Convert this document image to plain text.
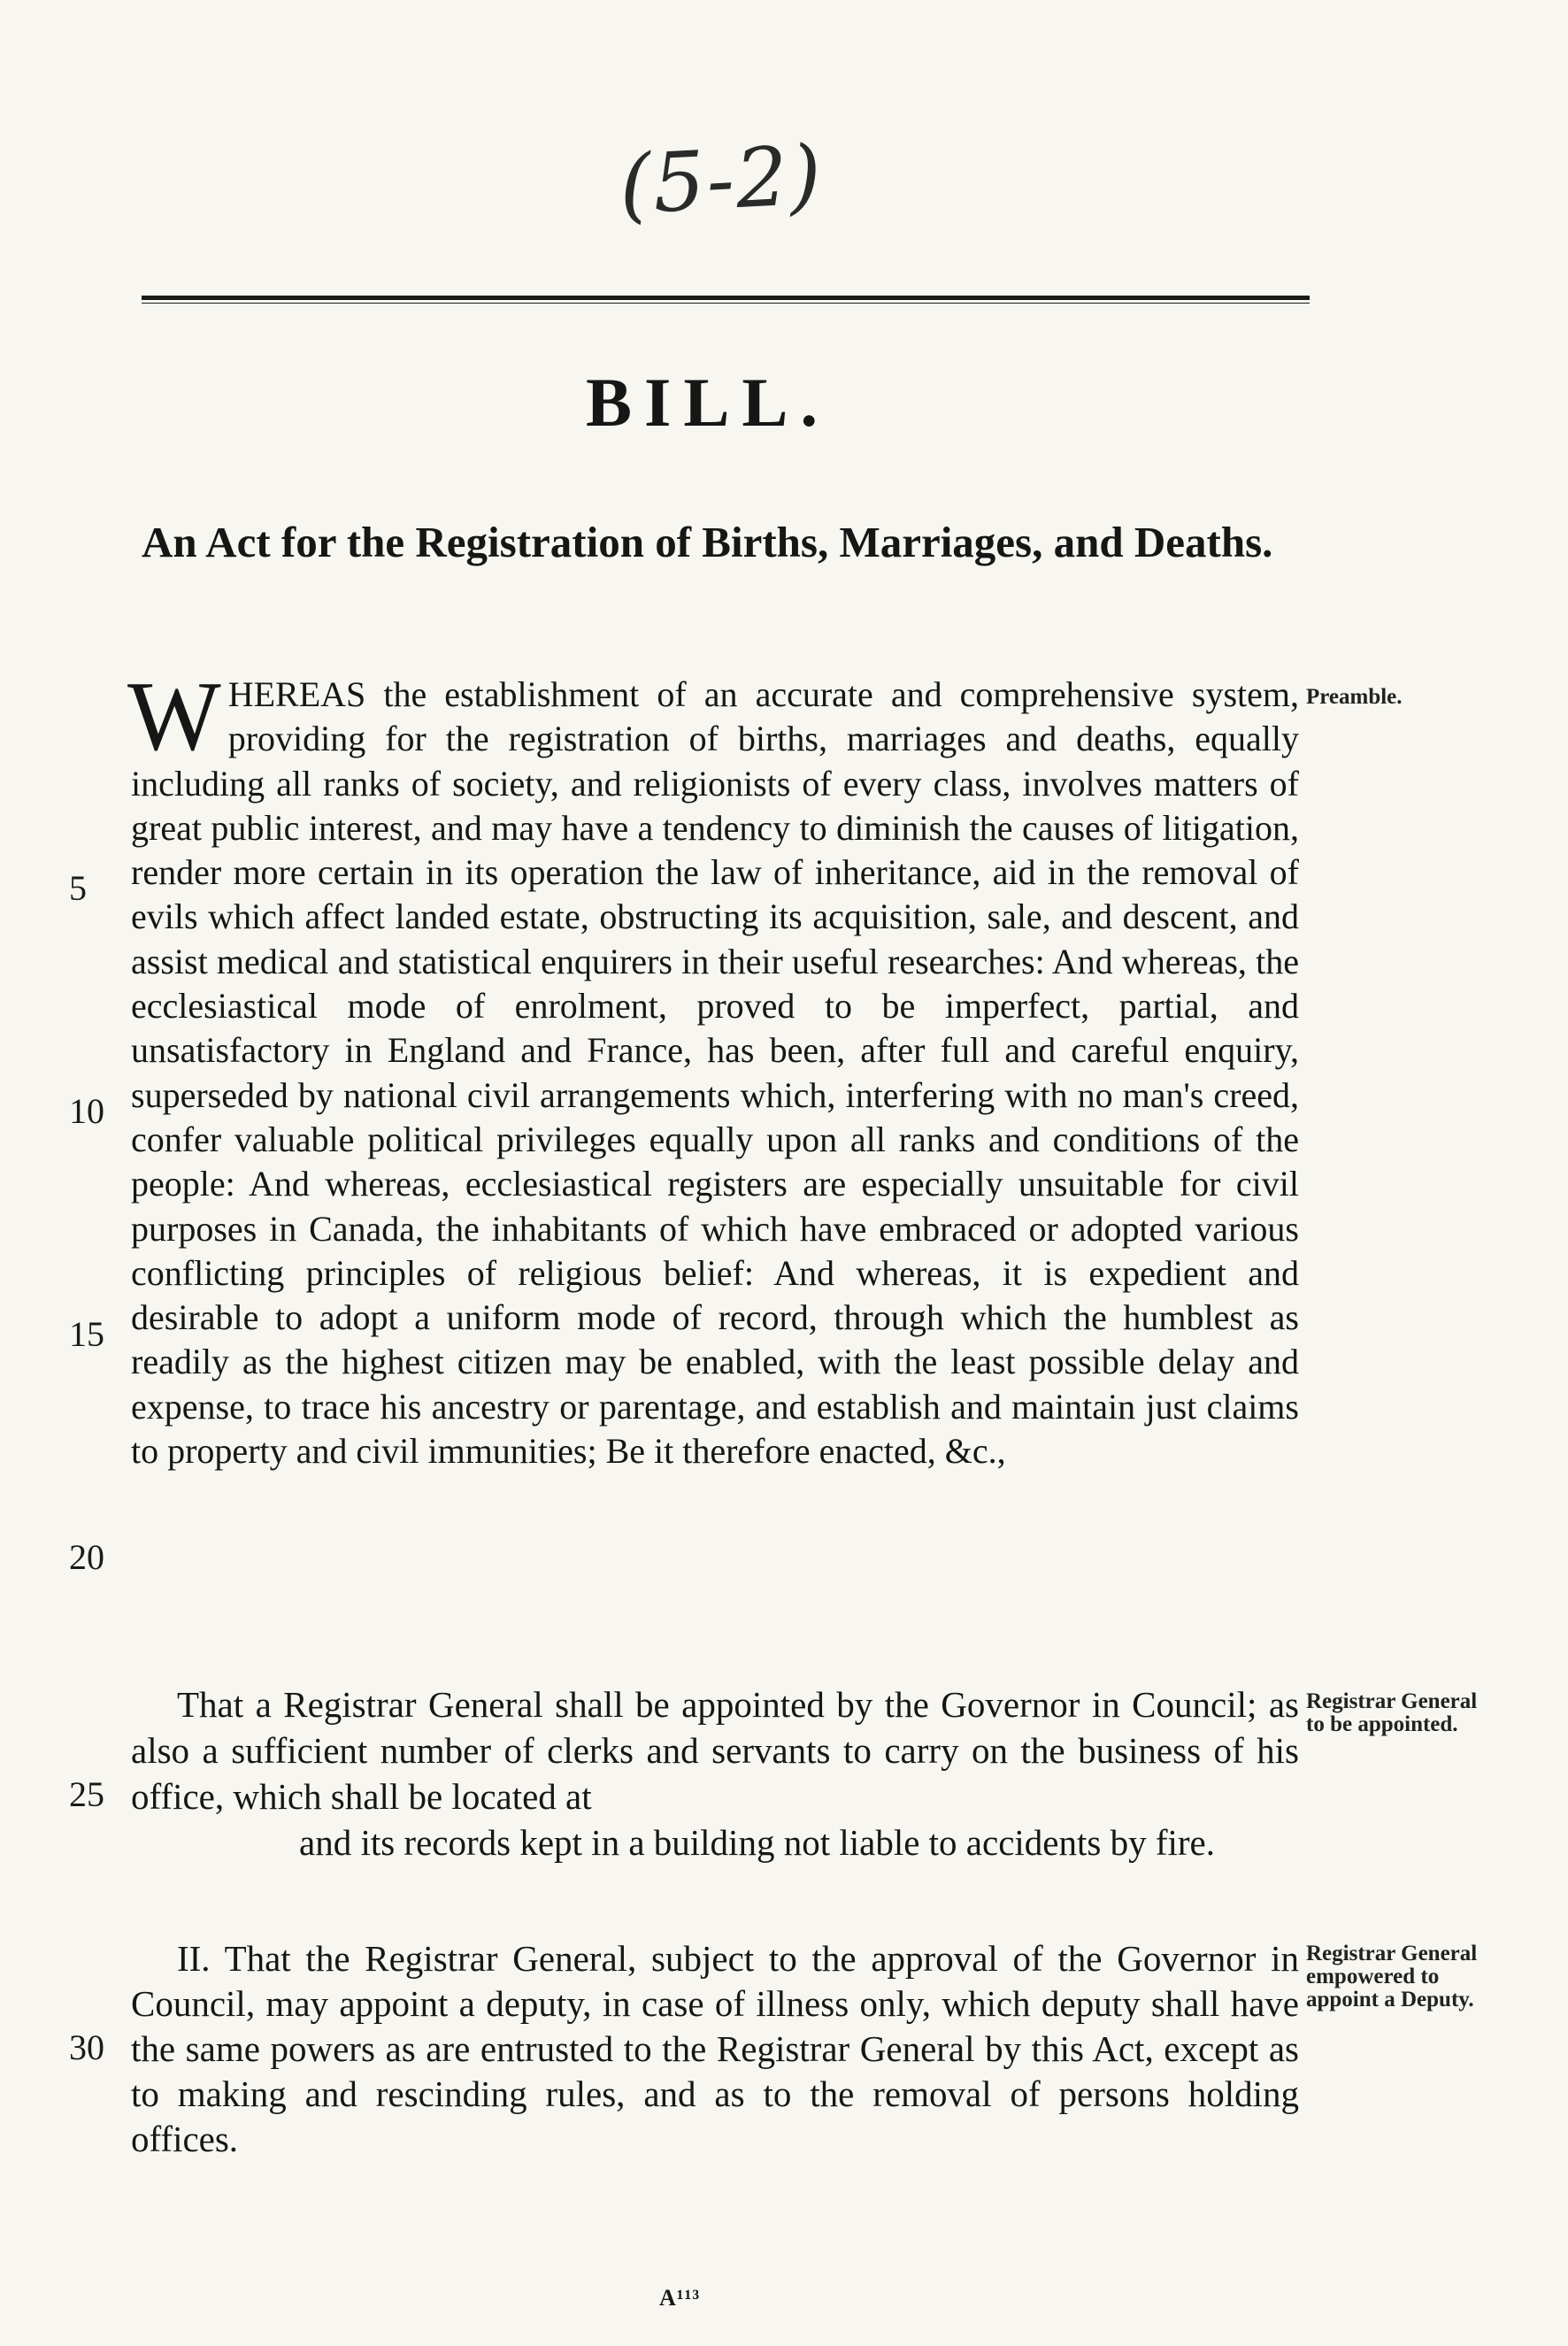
(5-2)
BILL.
An Act for the Registration of Births, Marriages, and Deaths.
W HEREAS the establishment of an accurate and comprehensive system, providing for the registration of births, marriages and deaths, equally including all ranks of society, and religionists of every class, involves matters of great public interest, and may have a tendency to diminish the causes of litigation, render more certain in its operation the law of inheritance, aid in the removal of evils which affect landed estate, obstructing its acquisition, sale, and descent, and assist medical and statistical enquirers in their useful researches: And whereas, the ecclesiastical mode of enrolment, proved to be imperfect, partial, and unsatisfactory in England and France, has been, after full and careful enquiry, superseded by national civil arrangements which, interfering with no man's creed, confer valuable political privileges equally upon all ranks and conditions of the people: And whereas, ecclesiastical registers are especially unsuitable for civil purposes in Canada, the inhabitants of which have embraced or adopted various conflicting principles of religious belief: And whereas, it is expedient and desirable to adopt a uniform mode of record, through which the humblest as readily as the highest citizen may be enabled, with the least possible delay and expense, to trace his ancestry or parentage, and establish and maintain just claims to property and civil immunities; Be it therefore enacted, &c.,
Preamble.
That a Registrar General shall be appointed by the Governor in Council; as also a sufficient number of clerks and servants to carry on the business of his office, which shall be located at
and its records kept in a building not liable to accidents by fire.
Registrar General to be appointed.
II. That the Registrar General, subject to the approval of the Governor in Council, may appoint a deputy, in case of illness only, which deputy shall have the same powers as are entrusted to the Registrar General by this Act, except as to making and rescinding rules, and as to the removal of persons holding offices.
Registrar General empowered to appoint a Deputy.
5
10
15
20
25
30
A¹¹³
